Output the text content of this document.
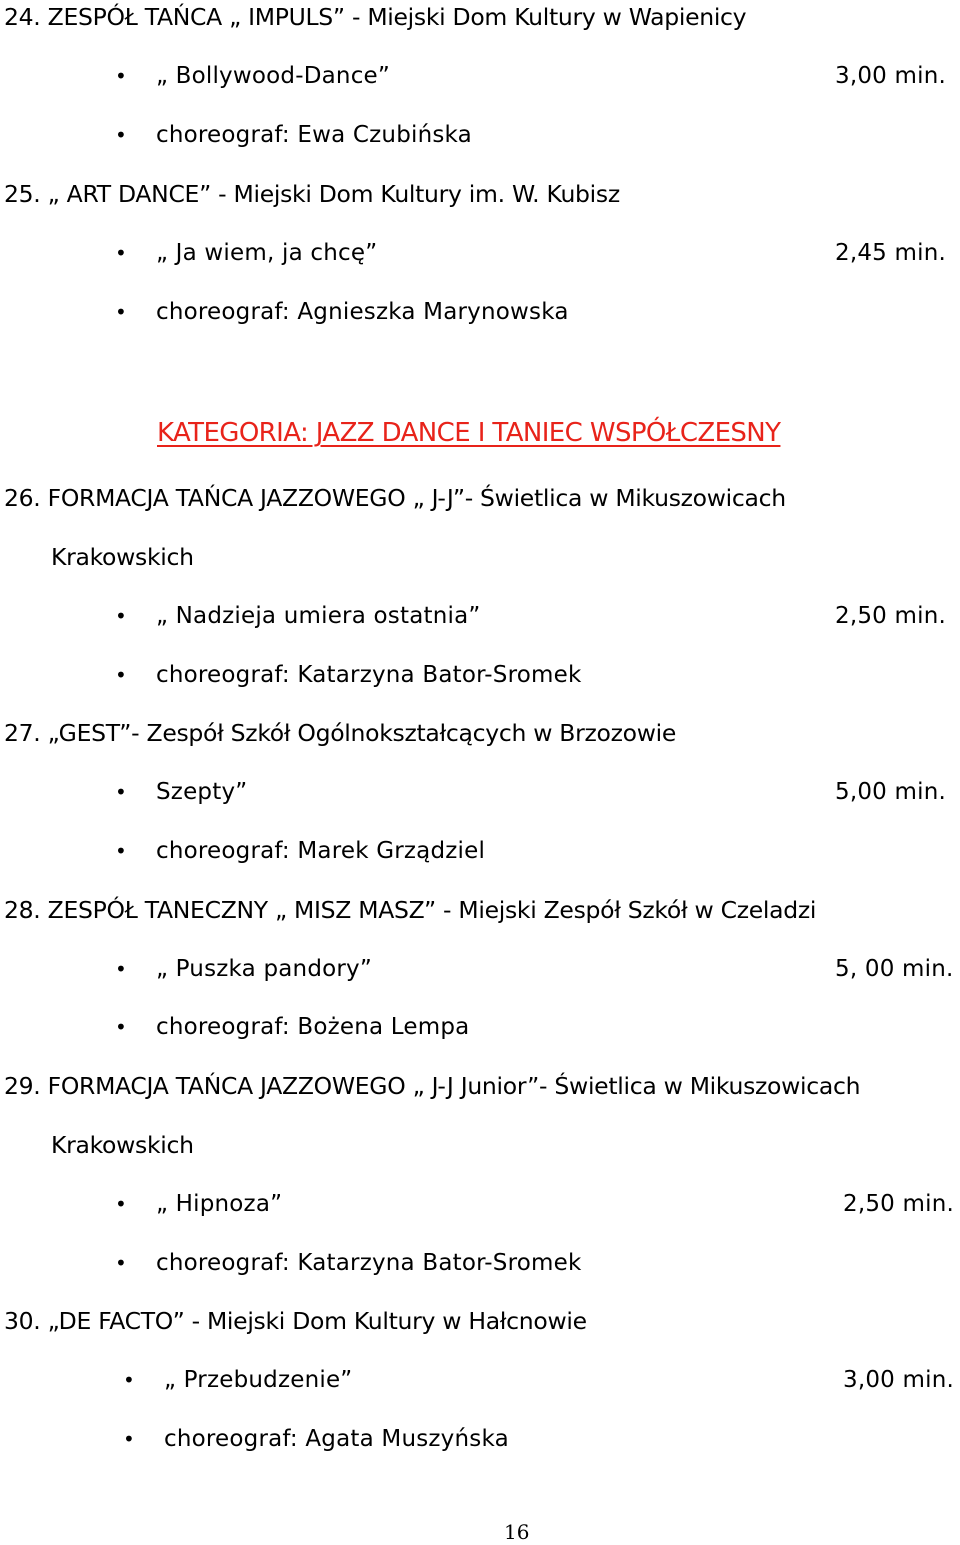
24. ZESPÓŁ TAŃCA „ IMPULS” - Miejski Dom Kultury w Wapienicy
• „ Bollywood-Dance”	3,00 min.
• choreograf: Ewa Czubińska
25. „ ART DANCE” - Miejski Dom Kultury im. W. Kubisz
• „ Ja wiem, ja chcę”	2,45 min.
• choreograf: Agnieszka Marynowska
KATEGORIA: JAZZ DANCE I TANIEC WSPÓŁCZESNY
26. FORMACJA TAŃCA JAZZOWEGO „ J-J”- Świetlica w Mikuszowicach
Krakowskich
• „ Nadzieja umiera ostatnia”	2,50 min.
• choreograf: Katarzyna Bator-Sromek
27. „GEST”- Zespół Szkół Ogólnokształcących w Brzozowie
• Szepty”	5,00 min.
• choreograf: Marek Grządziel
28. ZESPÓŁ TANECZNY „ MISZ MASZ” - Miejski Zespół Szkół w Czeladzi
• „ Puszka pandory”	5, 00 min.
• choreograf: Bożena Lempa
29. FORMACJA TAŃCA JAZZOWEGO „ J-J Junior”- Świetlica w Mikuszowicach
Krakowskich
• „ Hipnoza”	2,50 min.
• choreograf: Katarzyna Bator-Sromek
30. „DE FACTO” - Miejski Dom Kultury w Hałcnowie
• „ Przebudzenie”	3,00 min.
• choreograf: Agata Muszyńska
16
